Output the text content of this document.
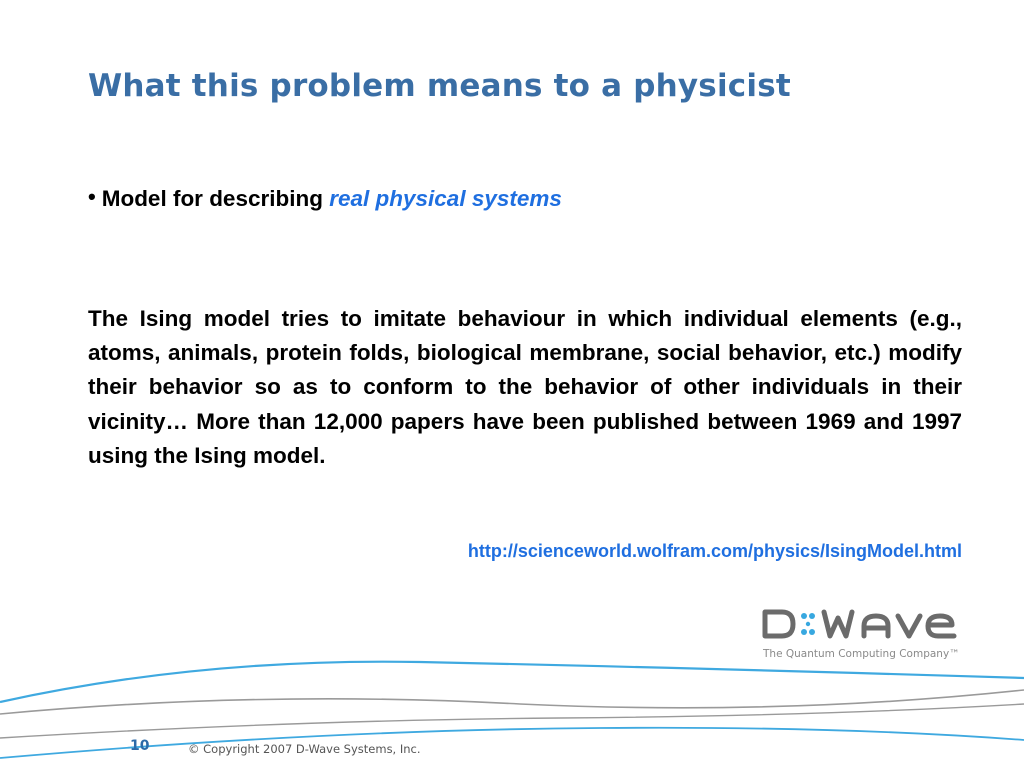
What this problem means to a physicist
• Model for describing real physical systems

The Ising model tries to imitate behaviour in which individual elements (e.g., atoms, animals, protein folds, biological membrane, social behavior, etc.) modify their behavior so as to conform to the behavior of other individuals in their vicinity… More than 12,000 papers have been published between 1969 and 1997 using the Ising model.

http://scienceworld.wolfram.com/physics/IsingModel.html
The Quantum Computing Company™
10	© Copyright 2007 D-Wave Systems, Inc.
